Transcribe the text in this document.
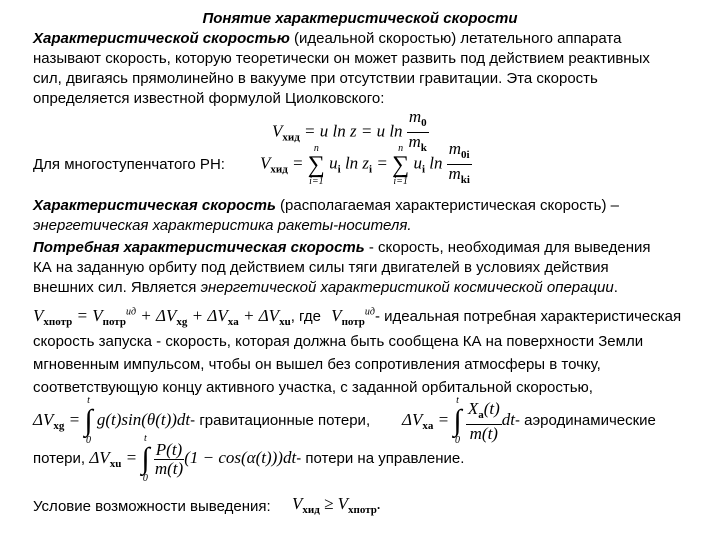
Понятие характеристической скорости
Характеристической скоростью (идеальной скоростью) летательного аппарата
называют скорость, которую теоретически он может развить под действием реактивных
сил, двигаясь прямолинейно в вакууме при отсутствии гравитации. Эта скорость
определяется известной формулой Циолковского:
$V_{хид} = u$ ln z = u $\ln \frac{m_0}{m_k}$
Для многоступенчатого РН: $V_{хид}$ =
n
∑
i=1
$u_i$ $\ln z_i$ =
n
∑
i=1
$u_i$ $\ln \frac{m_{0i}}{m_{ki}}$
Характеристическая скорость (располагаемая характеристическая скорость) –
энергетическая характеристика ракеты-носителя.
Потребная характеристическая скорость - скорость, необходимая для выведения
КА на заданную орбиту под действием силы тяги двигателей в условиях действия
внешних сил. Является энергетической характеристикой космической операции.
$V_{хпотр} = V_{потр}^{ид} + \Delta V_{хg} + \Delta V_{хa} + \Delta V_{хu}$, где $V_{потр}^{ид}-$ идеальная потребная характеристическая
скорость запуска - скорость, которая должна быть сообщена КА на поверхности Земли
мгновенным импульсом, чтобы он вышел без сопротивления атмосферы в точку,
соответствующую концу активного участка, с заданной орбитальной скоростью,
$\Delta V_{хg}$ =
t
∫
0
g(t)sin(θ(t))dt- гравитационные потери, $\Delta V_{хa}$ =
t
∫
0
$\frac{X_a(t)}{m(t)} dt-$ аэродинамические
потери, $\Delta V_{хu}$ =
t
∫
0

$\frac{P(t)}{m(t)} (1 - \cos(\alpha(t)))dt-$ потери на управление.
Условие возможности выведения: $V_{хид} \ge V_{хпотр}$.
